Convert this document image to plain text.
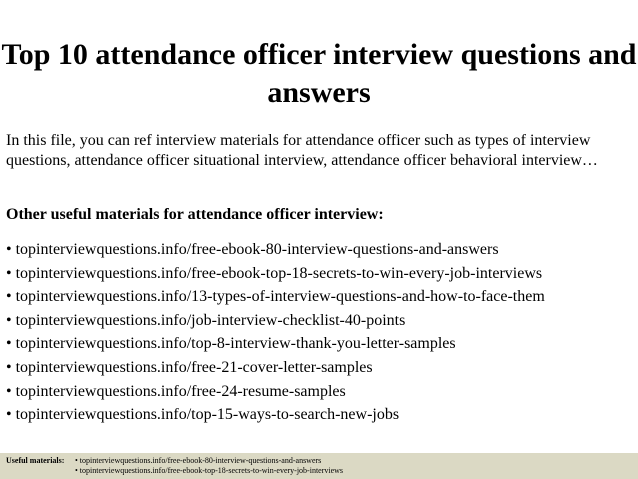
Top 10 attendance officer interview questions and answers

In this file, you can ref interview materials for attendance officer such as types of interview questions, attendance officer situational interview, attendance officer behavioral interview…

Other useful materials for attendance officer interview:

• topinterviewquestions.info/free-ebook-80-interview-questions-and-answers
• topinterviewquestions.info/free-ebook-top-18-secrets-to-win-every-job-interviews
• topinterviewquestions.info/13-types-of-interview-questions-and-how-to-face-them
• topinterviewquestions.info/job-interview-checklist-40-points
• topinterviewquestions.info/top-8-interview-thank-you-letter-samples
• topinterviewquestions.info/free-21-cover-letter-samples
• topinterviewquestions.info/free-24-resume-samples
• topinterviewquestions.info/top-15-ways-to-search-new-jobs
Useful materials: • topinterviewquestions.info/free-ebook-80-interview-questions-and-answers
• topinterviewquestions.info/free-ebook-top-18-secrets-to-win-every-job-interviews
